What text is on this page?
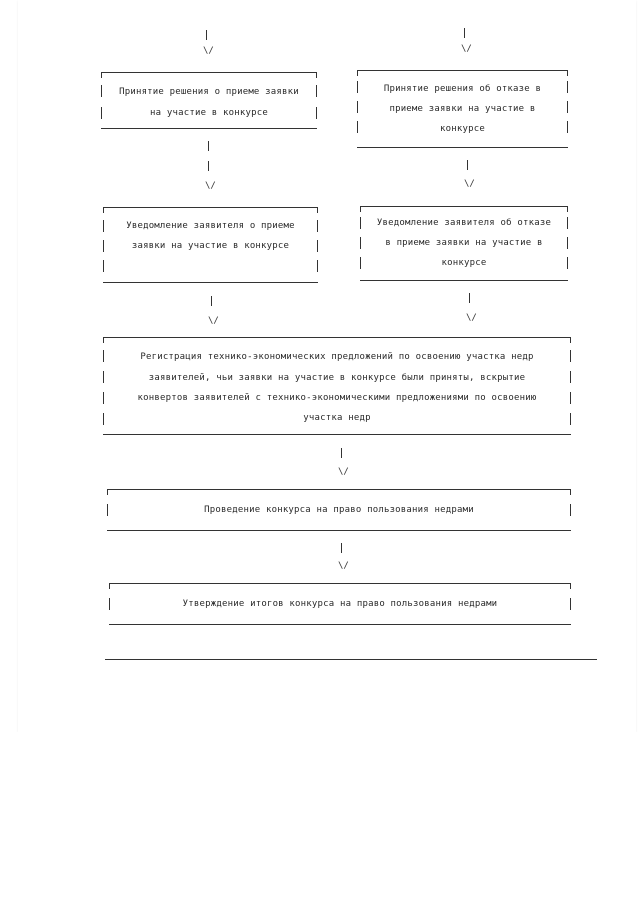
\/	\/
Принятие решения о приеме заявки
на участие в конкурсе
Принятие решения об отказе в
приеме заявки на участие в
конкурсе
\/	\/
Уведомление заявителя о приеме
заявки на участие в конкурсе
Уведомление заявителя об отказе
в приеме заявки на участие в
конкурсе
\/	\/
Регистрация технико-экономических предложений по освоению участка недр
заявителей, чьи заявки на участие в конкурсе были приняты, вскрытие
конвертов заявителей с технико-экономическими предложениями по освоению
участка недр
\/
Проведение конкурса на право пользования недрами
\/
Утверждение итогов конкурса на право пользования недрами
